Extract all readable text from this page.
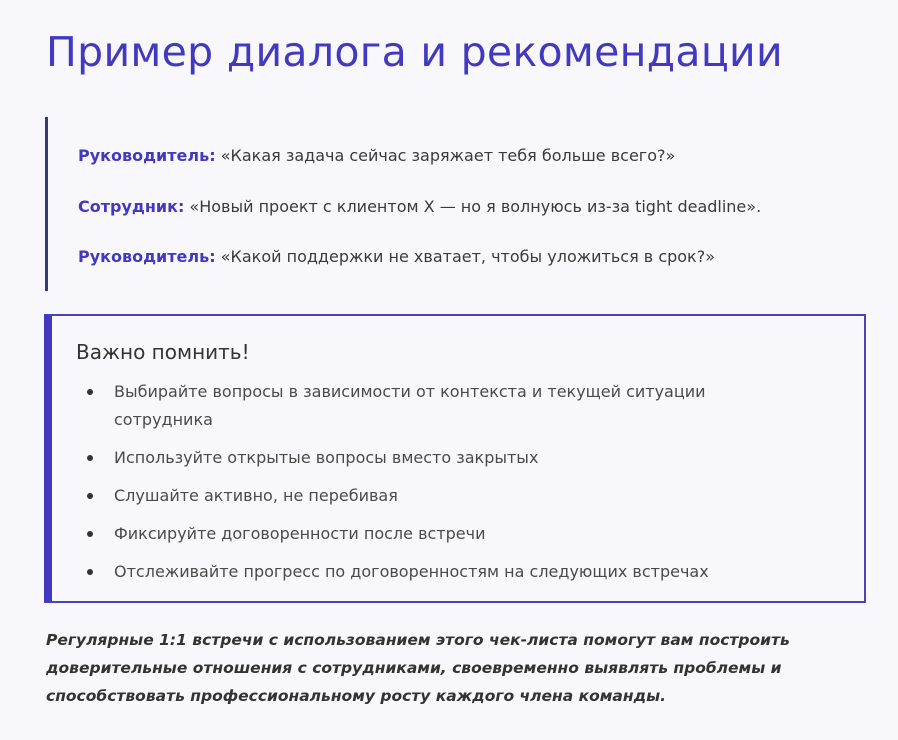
Пример диалога и рекомендации

Руководитель: «Какая задача сейчас заряжает тебя больше всего?»

Сотрудник: «Новый проект с клиентом X — но я волнуюсь из-за tight deadline».

Руководитель: «Какой поддержки не хватает, чтобы уложиться в срок?»

Важно помнить!
Выбирайте вопросы в зависимости от контекста и текущей ситуации сотрудника
Используйте открытые вопросы вместо закрытых
Слушайте активно, не перебивая
Фиксируйте договоренности после встречи
Отслеживайте прогресс по договоренностям на следующих встречах

Регулярные 1:1 встречи с использованием этого чек-листа помогут вам построить доверительные отношения с сотрудниками, своевременно выявлять проблемы и способствовать профессиональному росту каждого члена команды.
